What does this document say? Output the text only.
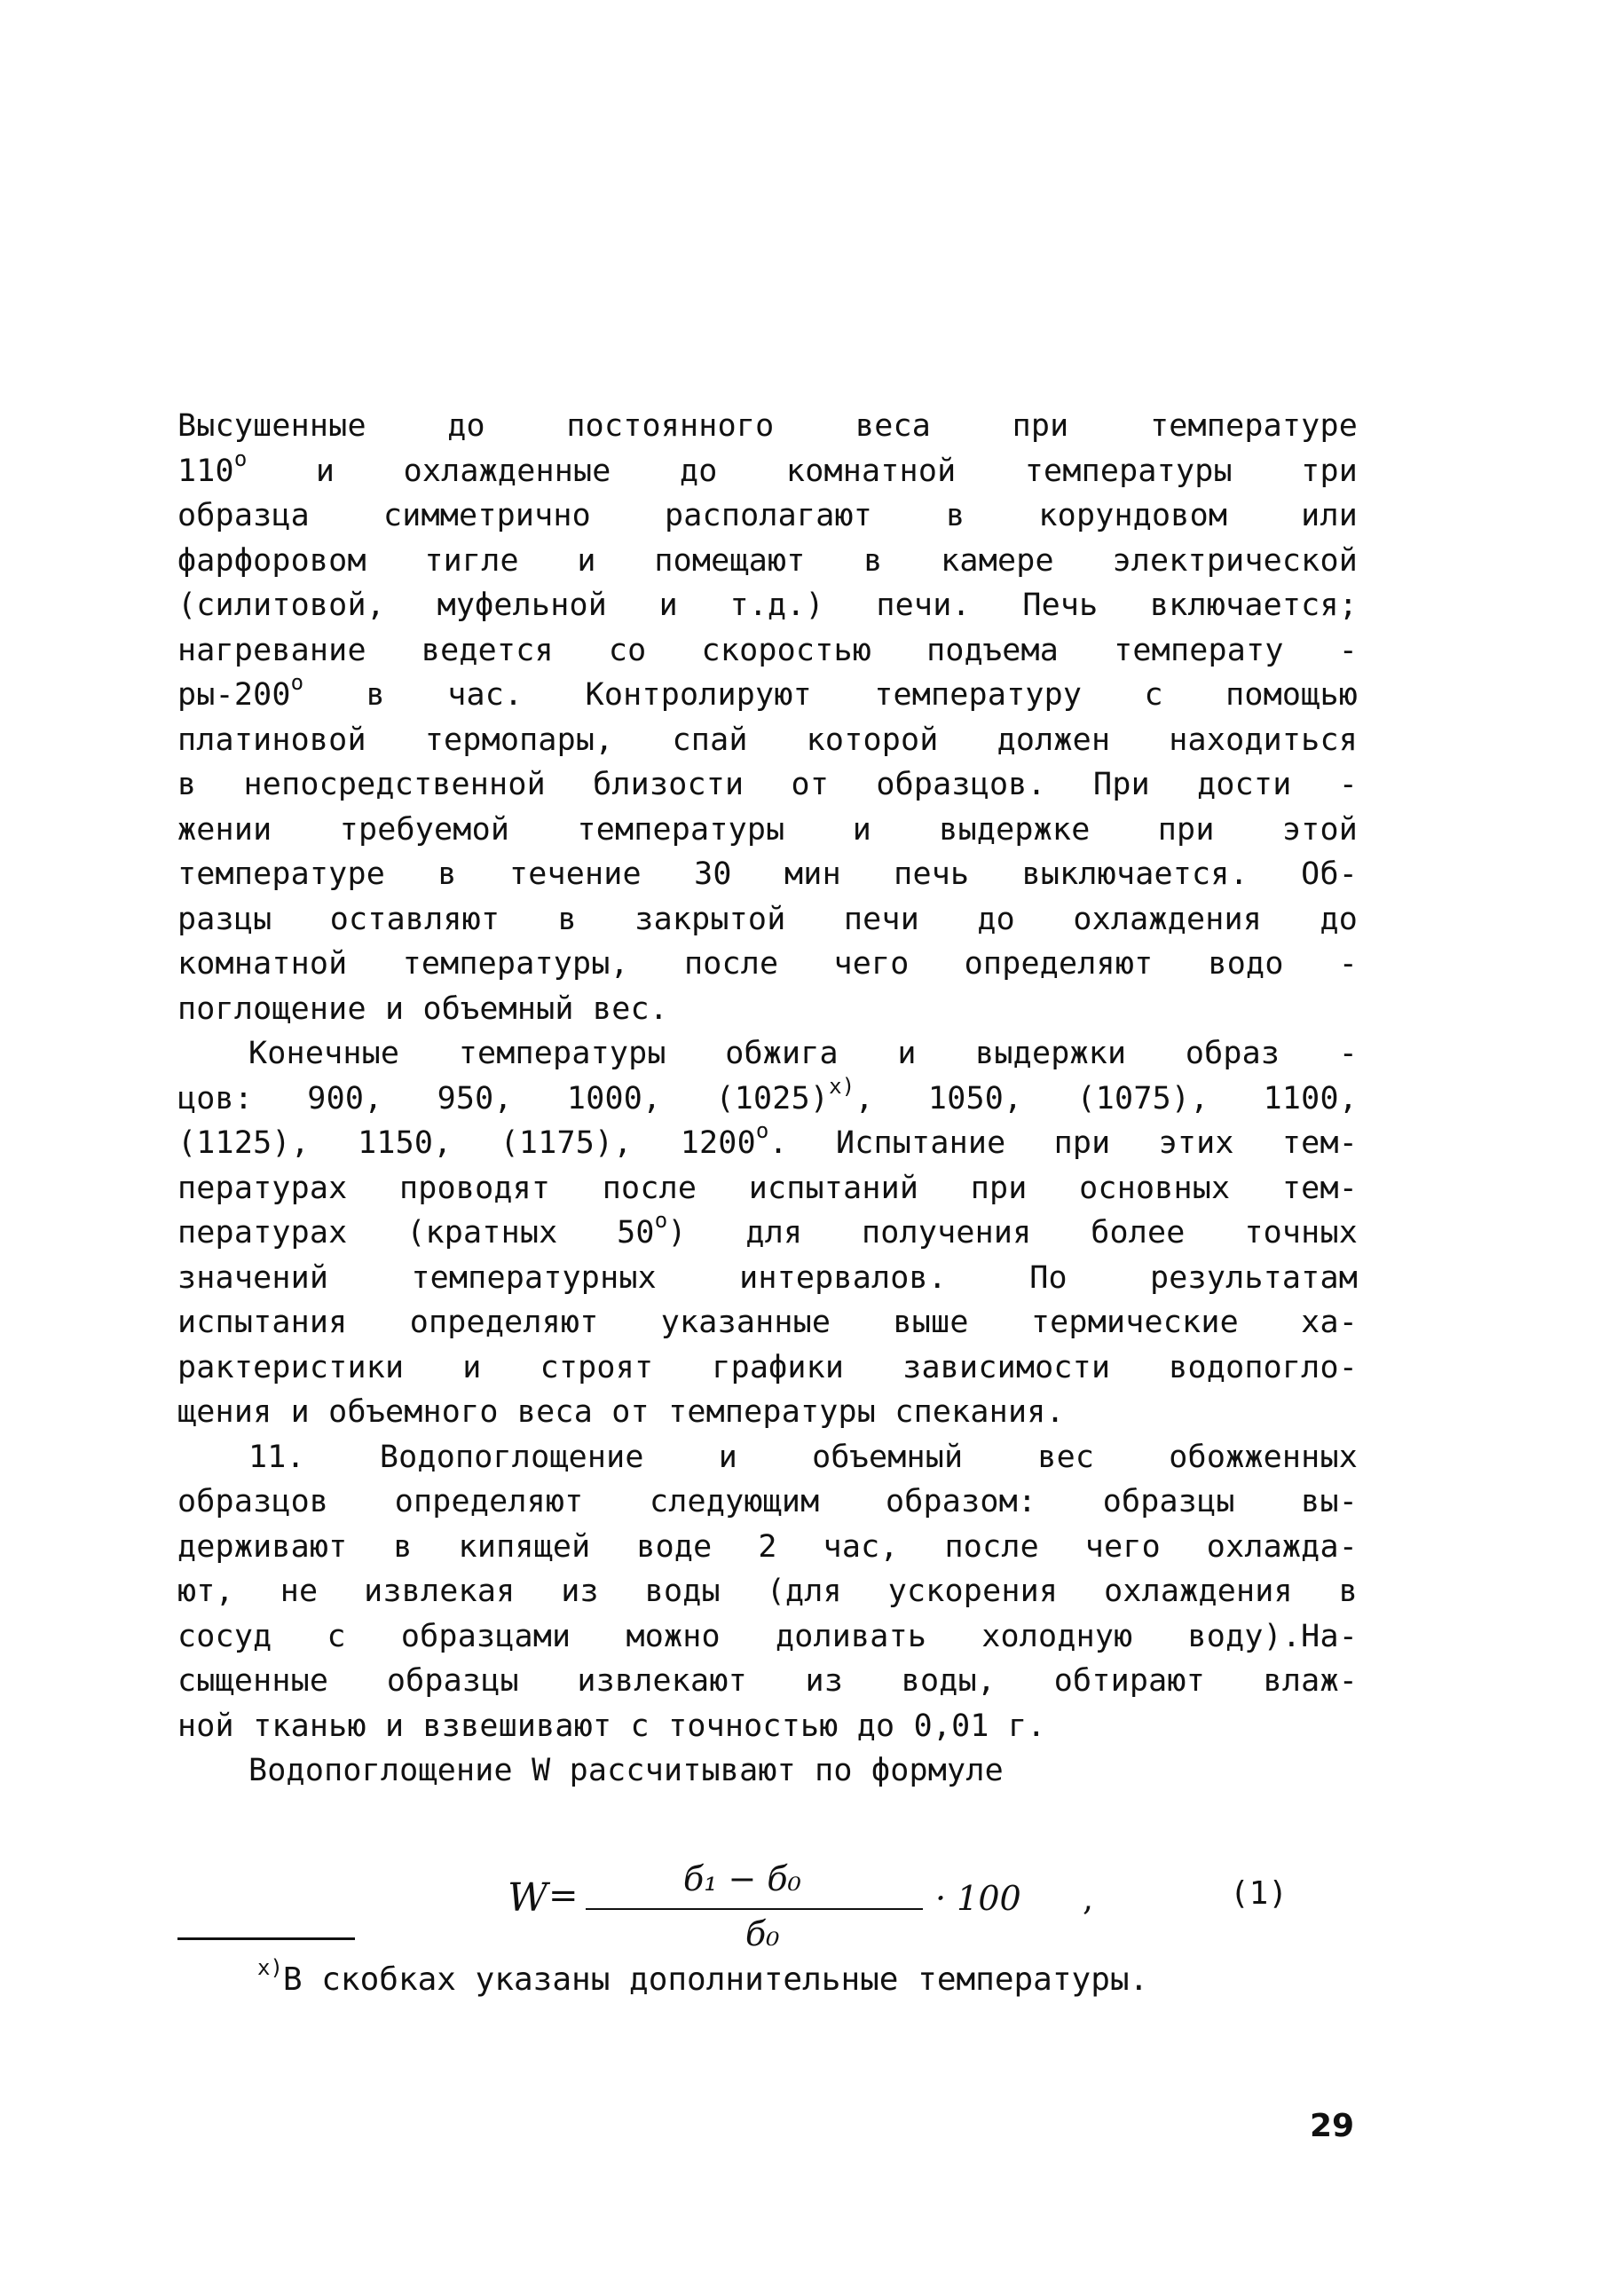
Высушенные до постоянного веса при температуре
$110^о$ и охлажденные до комнатной температуры три
образца симметрично располагают в корундовом или
фарфоровом тигле и помещают в камере электрической
(силитовой, муфельной и т.д.) печи. Печь включается;
нагревание ведется со скоростью подъема температу -
$ры-200^о$ в час. Контролируют температуру с помощью
платиновой термопары, спай которой должен находиться
в непосредственной близости от образцов. При дости -
жении требуемой температуры и выдержке при этой
температуре в течение 30 мин печь выключается. Об-
разцы оставляют в закрытой печи до охлаждения до
комнатной температуры, после чего определяют водо -
поглощение и объемный вес.
Конечные температуры обжига и выдержки образ -
цов: 900, 950, 1000, $(1025)^{х)}$, 1050, (1075), 1100,
(1125), 1150, (1175), $1200^о$. Испытание при этих тем-
пературах проводят после испытаний при основных тем-
пературах (кратных $50^о$) для получения более точных
значений температурных интервалов. По результатам
испытания определяют указанные выше термические ха-
рактеристики и строят графики зависимости водопогло-
щения и объемного веса от температуры спекания.
11. Водопоглощение и объемный вес обожженных
образцов определяют следующим образом: образцы вы-
держивают в кипящей воде 2 час, после чего охлажда-
ют, не извлекая из воды (для ускорения охлаждения в
сосуд с образцами можно доливать холодную воду).На-
сыщенные образцы извлекают из воды, обтирают влаж-
ной тканью и взвешивают с точностью до 0,01 г.
Водопоглощение W рассчитывают по формуле
W =	б₁ − б₀
б₀
· 100 ,	(1)
$^{х)}$В скобках указаны дополнительные температуры.
29
